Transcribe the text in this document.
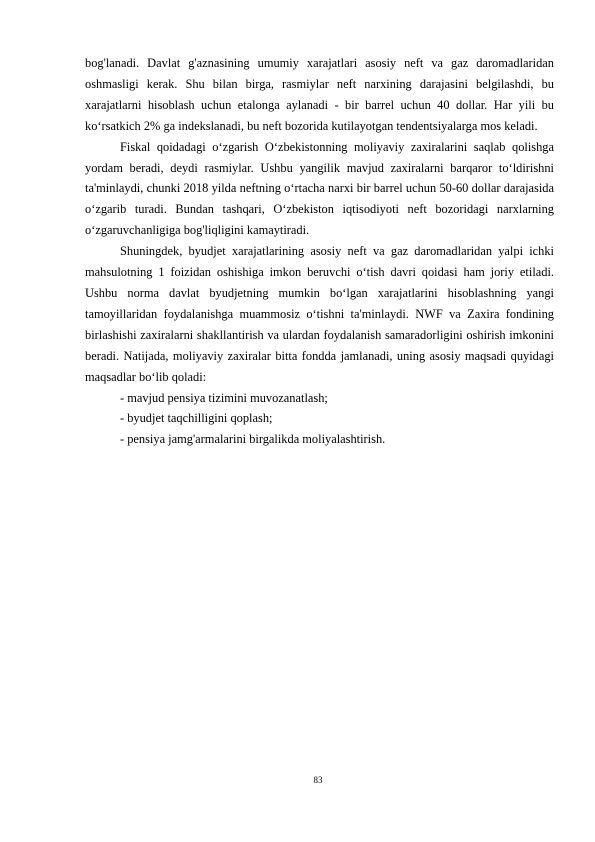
bog'lanadi. Davlat g'aznasining umumiy xarajatlari asosiy neft va gaz daromadlaridan oshmasligi kerak. Shu bilan birga, rasmiylar neft narxining darajasini belgilashdi, bu xarajatlarni hisoblash uchun etalonga aylanadi - bir barrel uchun 40 dollar. Har yili bu ko‘rsatkich 2% ga indekslanadi, bu neft bozorida kutilayotgan tendentsiyalarga mos keladi.

Fiskal qoidadagi o‘zgarish O‘zbekistonning moliyaviy zaxiralarini saqlab qolishga yordam beradi, deydi rasmiylar. Ushbu yangilik mavjud zaxiralarni barqaror to‘ldirishni ta'minlaydi, chunki 2018 yilda neftning o‘rtacha narxi bir barrel uchun 50-60 dollar darajasida o‘zgarib turadi. Bundan tashqari, O‘zbekiston iqtisodiyoti neft bozoridagi narxlarning o‘zgaruvchanligiga bog'liqligini kamaytiradi.

Shuningdek, byudjet xarajatlarining asosiy neft va gaz daromadlaridan yalpi ichki mahsulotning 1 foizidan oshishiga imkon beruvchi o‘tish davri qoidasi ham joriy etiladi. Ushbu norma davlat byudjetning mumkin bo‘lgan xarajatlarini hisoblashning yangi tamoyillaridan foydalanishga muammosiz o‘tishni ta'minlaydi. NWF va Zaxira fondining birlashishi zaxiralarni shakllantirish va ulardan foydalanish samaradorligini oshirish imkonini beradi. Natijada, moliyaviy zaxiralar bitta fondda jamlanadi, uning asosiy maqsadi quyidagi maqsadlar bo‘lib qoladi:

- mavjud pensiya tizimini muvozanatlash;

- byudjet taqchilligini qoplash;

- pensiya jamg'armalarini birgalikda moliyalashtirish.

83
